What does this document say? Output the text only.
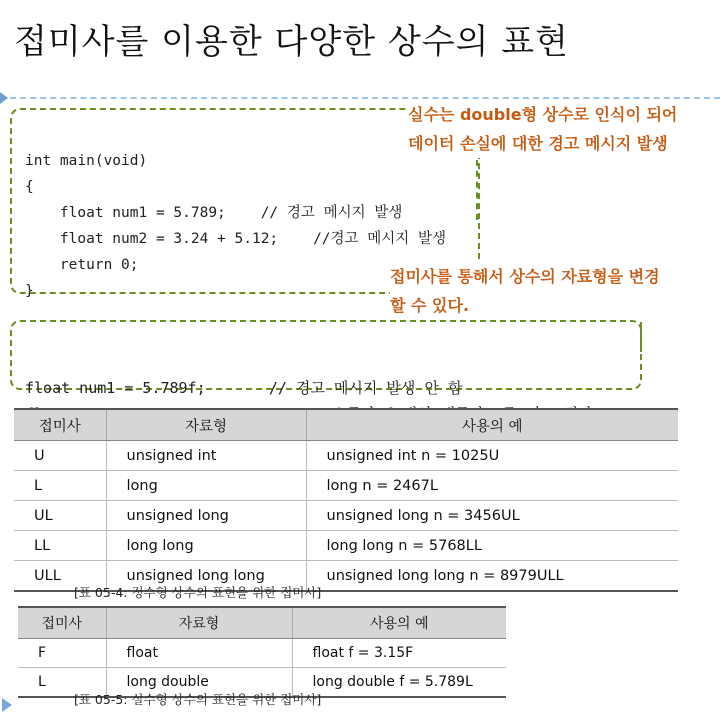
접미사를 이용한 다양한 상수의 표현

int main(void)
{
float num1 = 5.789;    // 경고 메시지 발생
float num2 = 3.24 + 5.12;    //경고 메시지 발생
return 0;
}

실수는 double형 상수로 인식이 되어
데이터 손실에 대한 경고 메시지 발생
접미사를 통해서 상수의 자료형을 변경
할 수 있다.

float num1 = 5.789f;       // 경고 메시지 발생 안 함

접미사	자료형	사용의 예
U	unsigned int	unsigned int n = 1025U
L	long	long n = 2467L
UL	unsigned long	unsigned long n = 3456UL
LL	long long	long long n = 5768LL
ULL	unsigned long long	unsigned long long n = 8979ULL
[표 05-4: 정수형 상수의 표현을 위한 접미사]
접미사	자료형	사용의 예
F	float	float f = 3.15F
L	long double	long double f = 5.789L
[표 05-5: 실수형 상수의 표현을 위한 접미사]
